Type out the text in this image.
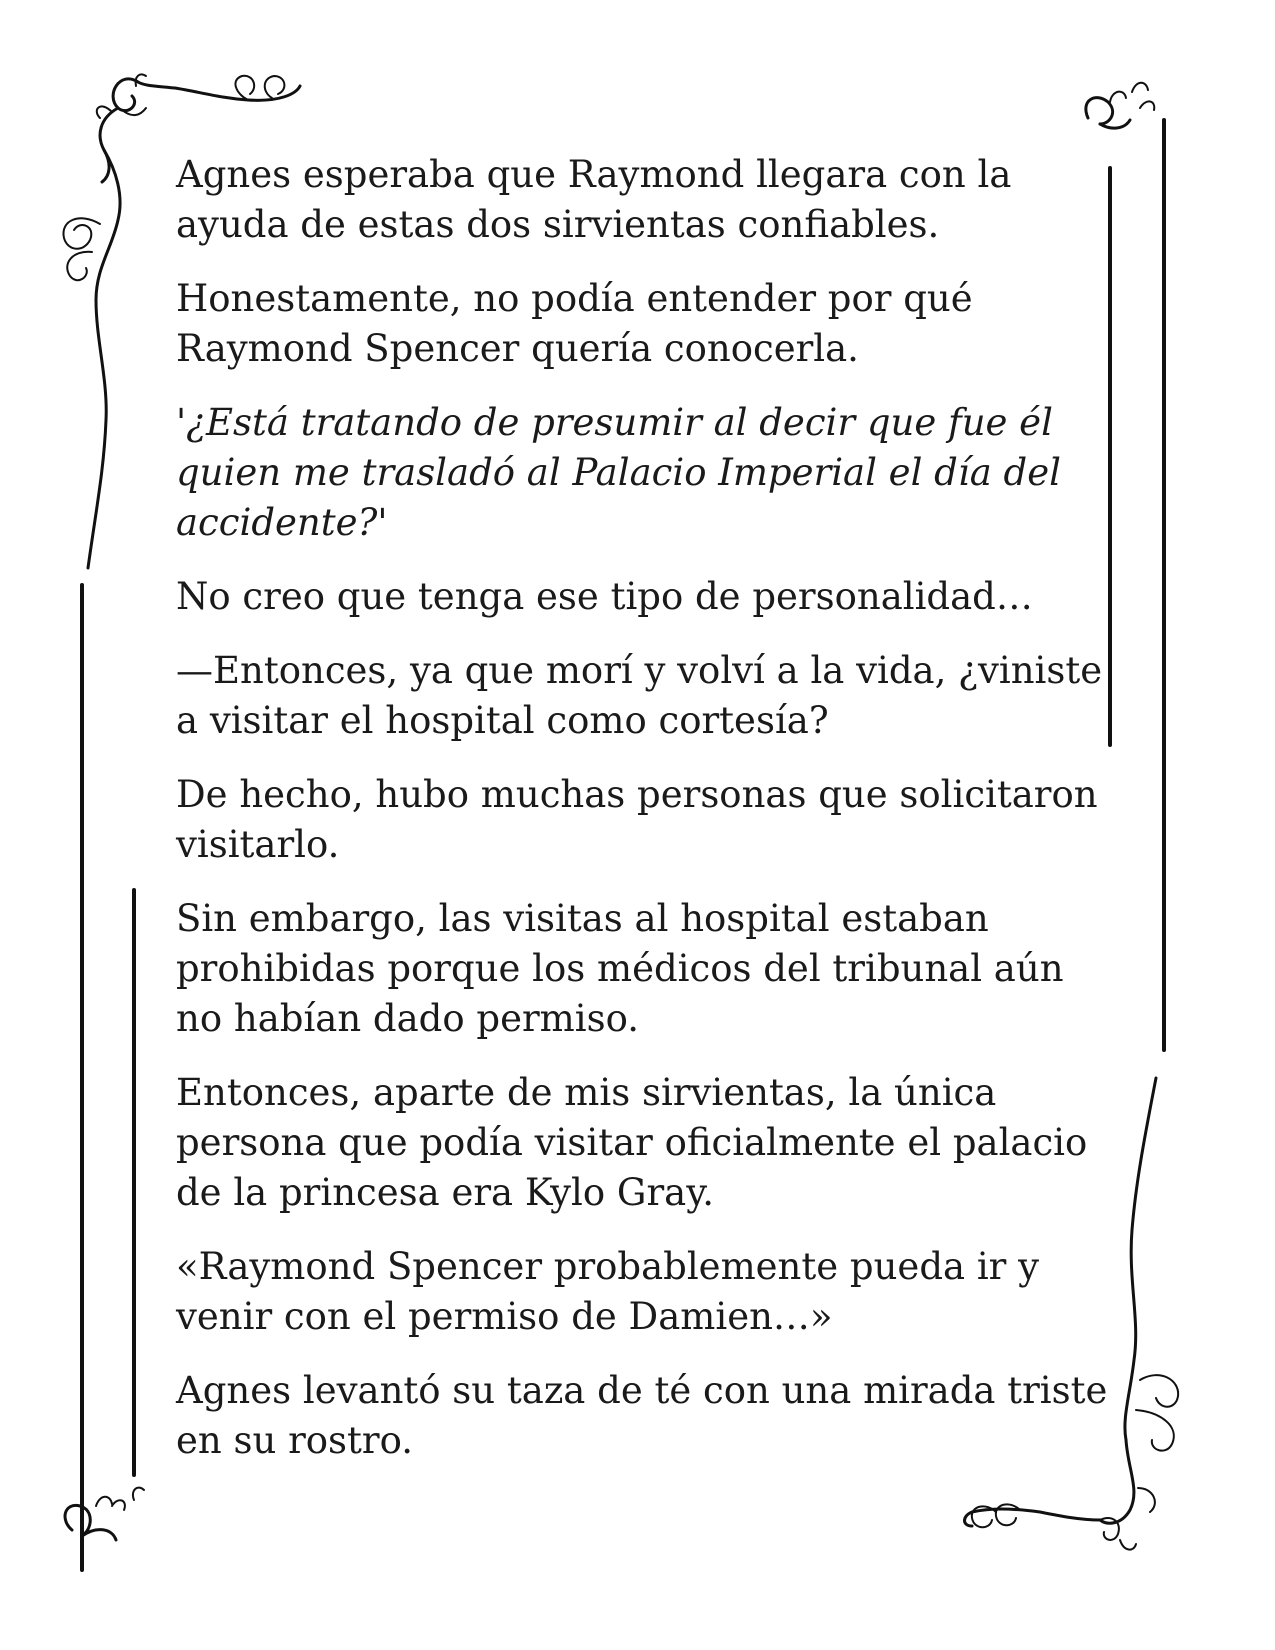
Agnes esperaba que Raymond llegara con la ayuda de estas dos sirvientas confiables.

Honestamente, no podía entender por qué Raymond Spencer quería conocerla.

'¿Está tratando de presumir al decir que fue él quien me trasladó al Palacio Imperial el día del accidente?'

No creo que tenga ese tipo de personalidad…

—Entonces, ya que morí y volví a la vida, ¿viniste a visitar el hospital como cortesía?

De hecho, hubo muchas personas que solicitaron visitarlo.

Sin embargo, las visitas al hospital estaban prohibidas porque los médicos del tribunal aún no habían dado permiso.

Entonces, aparte de mis sirvientas, la única persona que podía visitar oficialmente el palacio de la princesa era Kylo Gray.

«Raymond Spencer probablemente pueda ir y venir con el permiso de Damien…»

Agnes levantó su taza de té con una mirada triste en su rostro.
